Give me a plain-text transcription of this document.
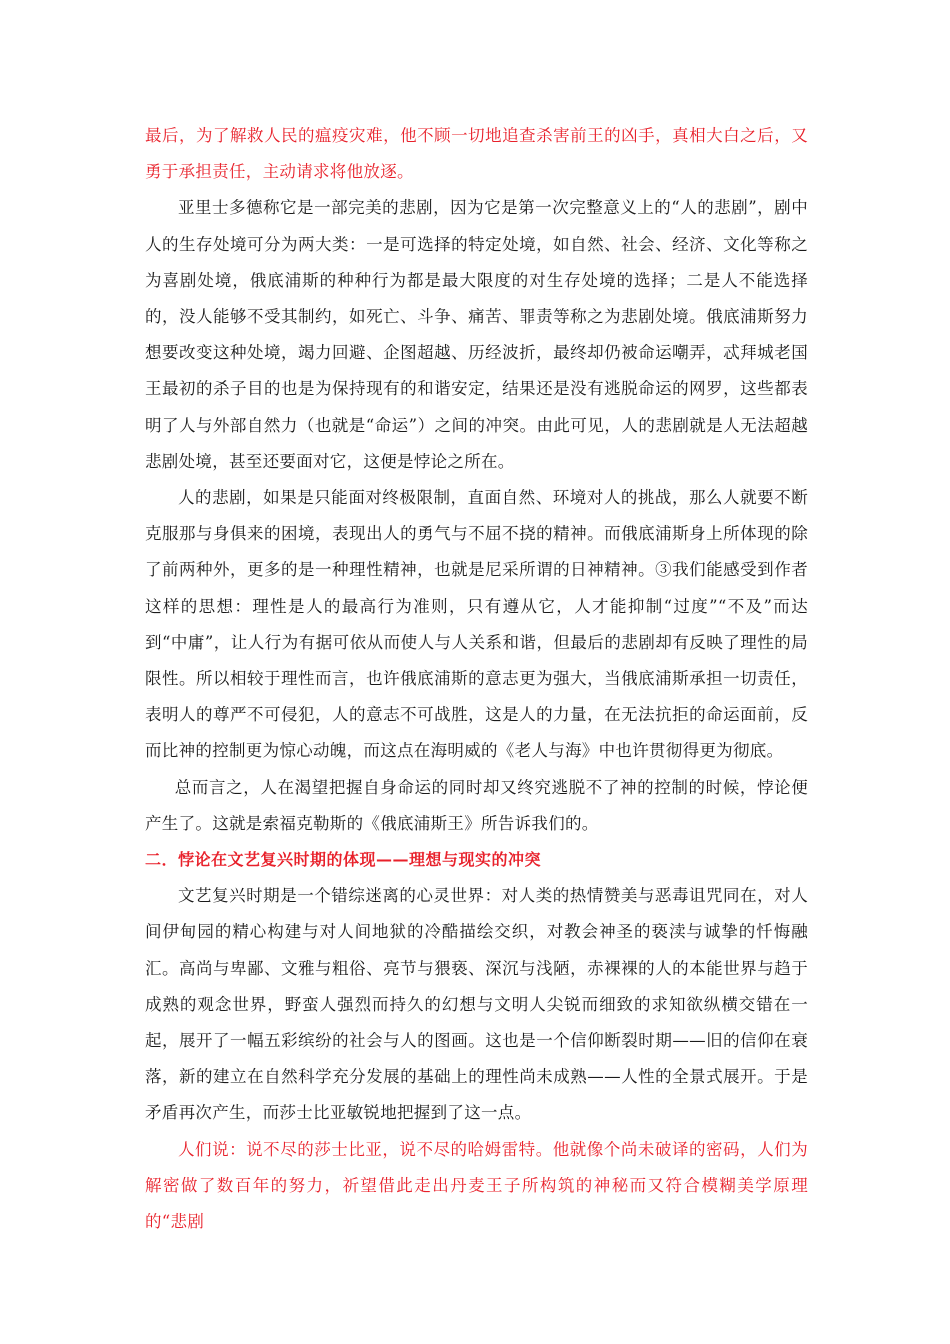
最后，为了解救人民的瘟疫灾难，他不顾一切地追查杀害前王的凶手，真相大白之后，又勇于承担责任，主动请求将他放逐。

亚里士多德称它是一部完美的悲剧，因为它是第一次完整意义上的“人的悲剧”，剧中人的生存处境可分为两大类：一是可选择的特定处境，如自然、社会、经济、文化等称之为喜剧处境，俄底浦斯的种种行为都是最大限度的对生存处境的选择；二是人不能选择的，没人能够不受其制约，如死亡、斗争、痛苦、罪责等称之为悲剧处境。俄底浦斯努力想要改变这种处境，竭力回避、企图超越、历经波折，最终却仍被命运嘲弄，忒拜城老国王最初的杀子目的也是为保持现有的和谐安定，结果还是没有逃脱命运的网罗，这些都表明了人与外部自然力（也就是“命运”）之间的冲突。由此可见，人的悲剧就是人无法超越悲剧处境，甚至还要面对它，这便是悖论之所在。

人的悲剧，如果是只能面对终极限制，直面自然、环境对人的挑战，那么人就要不断克服那与身俱来的困境，表现出人的勇气与不屈不挠的精神。而俄底浦斯身上所体现的除了前两种外，更多的是一种理性精神，也就是尼采所谓的日神精神。③我们能感受到作者这样的思想：理性是人的最高行为准则，只有遵从它，人才能抑制“过度”“不及”而达到“中庸”，让人行为有据可依从而使人与人关系和谐，但最后的悲剧却有反映了理性的局限性。所以相较于理性而言，也许俄底浦斯的意志更为强大，当俄底浦斯承担一切责任，表明人的尊严不可侵犯，人的意志不可战胜，这是人的力量，在无法抗拒的命运面前，反而比神的控制更为惊心动魄，而这点在海明威的《老人与海》中也许贯彻得更为彻底。

总而言之，人在渴望把握自身命运的同时却又终究逃脱不了神的控制的时候，悖论便产生了。这就是索福克勒斯的《俄底浦斯王》所告诉我们的。

二．悖论在文艺复兴时期的体现——理想与现实的冲突

文艺复兴时期是一个错综迷离的心灵世界：对人类的热情赞美与恶毒诅咒同在，对人间伊甸园的精心构建与对人间地狱的冷酷描绘交织，对教会神圣的亵渎与诚挚的忏悔融汇。高尚与卑鄙、文雅与粗俗、亮节与猥亵、深沉与浅陋，赤裸裸的人的本能世界与趋于成熟的观念世界，野蛮人强烈而持久的幻想与文明人尖锐而细致的求知欲纵横交错在一起，展开了一幅五彩缤纷的社会与人的图画。这也是一个信仰断裂时期——旧的信仰在衰落，新的建立在自然科学充分发展的基础上的理性尚未成熟——人性的全景式展开。于是矛盾再次产生，而莎士比亚敏锐地把握到了这一点。

人们说：说不尽的莎士比亚，说不尽的哈姆雷特。他就像个尚未破译的密码，人们为解密做了数百年的努力，祈望借此走出丹麦王子所构筑的神秘而又符合模糊美学原理的“悲剧
